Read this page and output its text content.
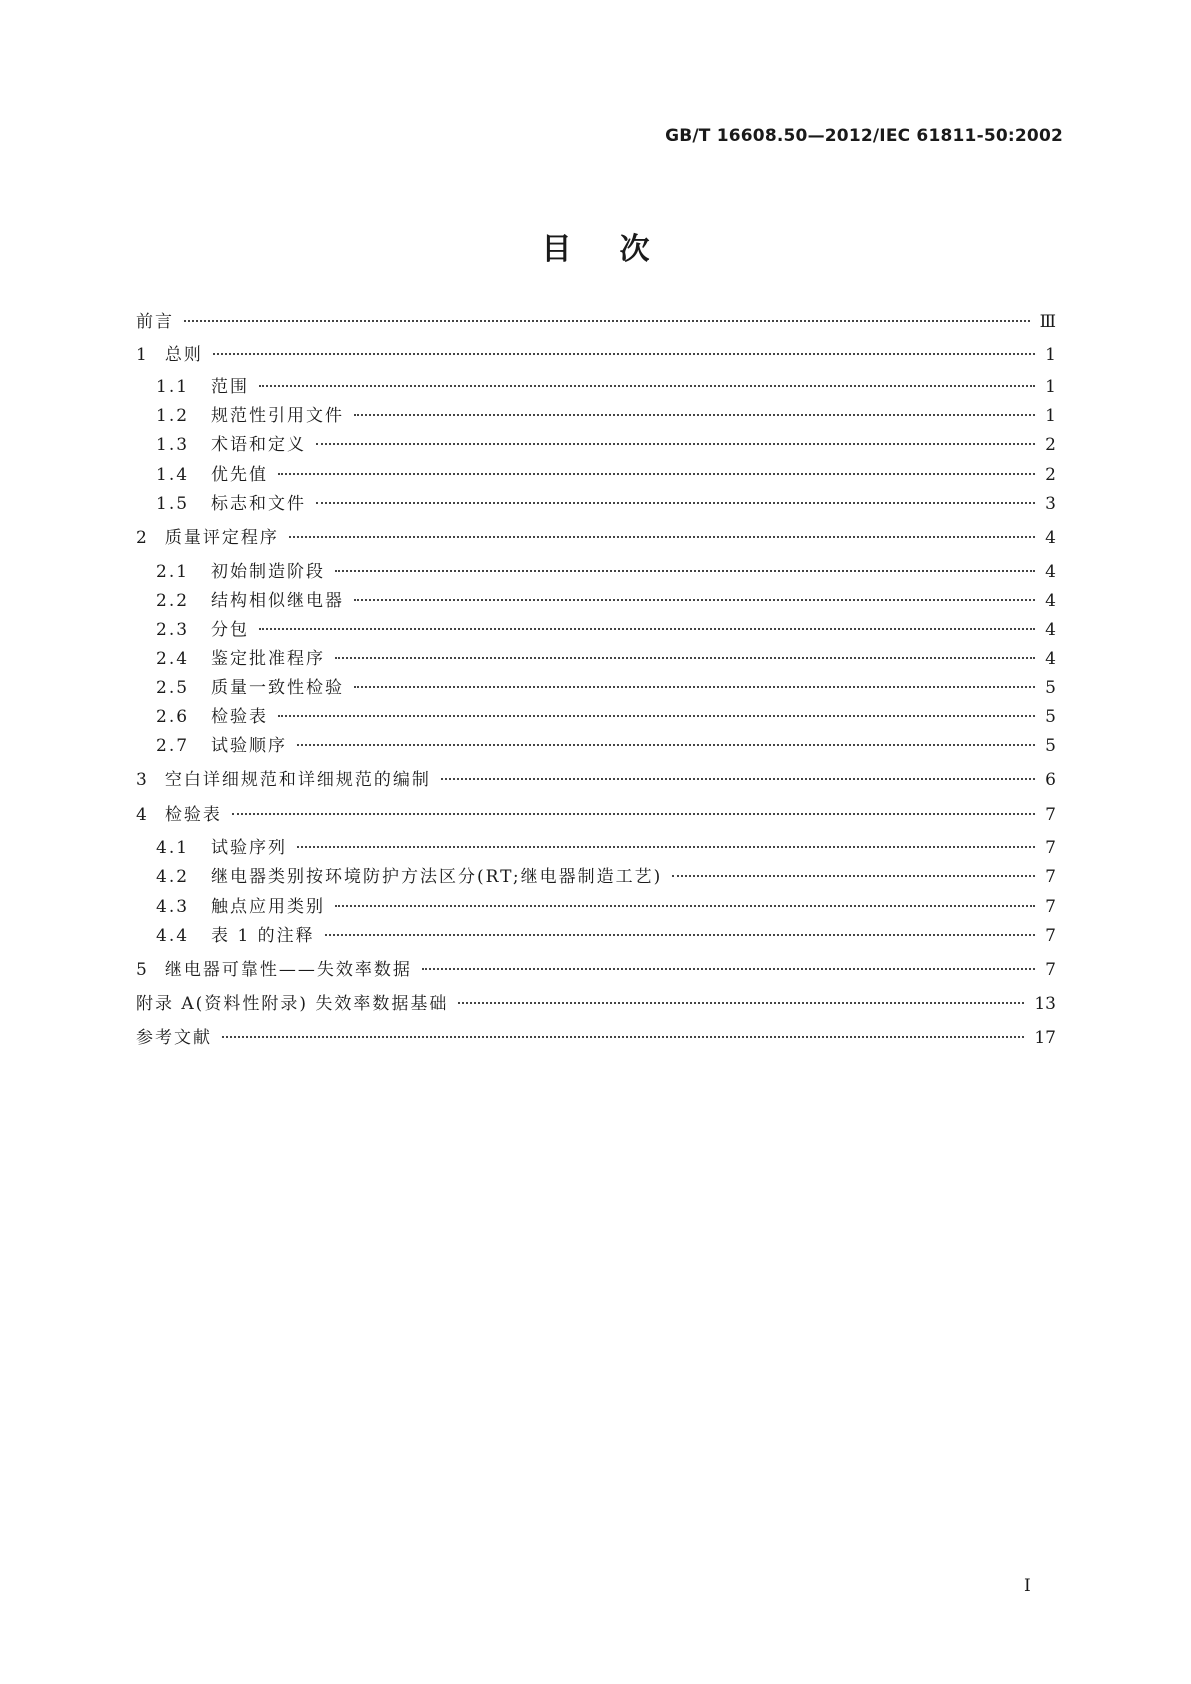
GB/T 16608.50—2012/IEC 61811-50:2002
目次
前言	Ⅲ
1 总则	1
1.1 范围	1
1.2 规范性引用文件	1
1.3 术语和定义	2
1.4 优先值	2
1.5 标志和文件	3
2 质量评定程序	4
2.1 初始制造阶段	4
2.2 结构相似继电器	4
2.3 分包	4
2.4 鉴定批准程序	4
2.5 质量一致性检验	5
2.6 检验表	5
2.7 试验顺序	5
3 空白详细规范和详细规范的编制	6
4 检验表	7
4.1 试验序列	7
4.2 继电器类别按环境防护方法区分(RT;继电器制造工艺)	7
4.3 触点应用类别	7
4.4 表 1 的注释	7
5 继电器可靠性——失效率数据	7
附录 A(资料性附录) 失效率数据基础	13
参考文献	17
I
